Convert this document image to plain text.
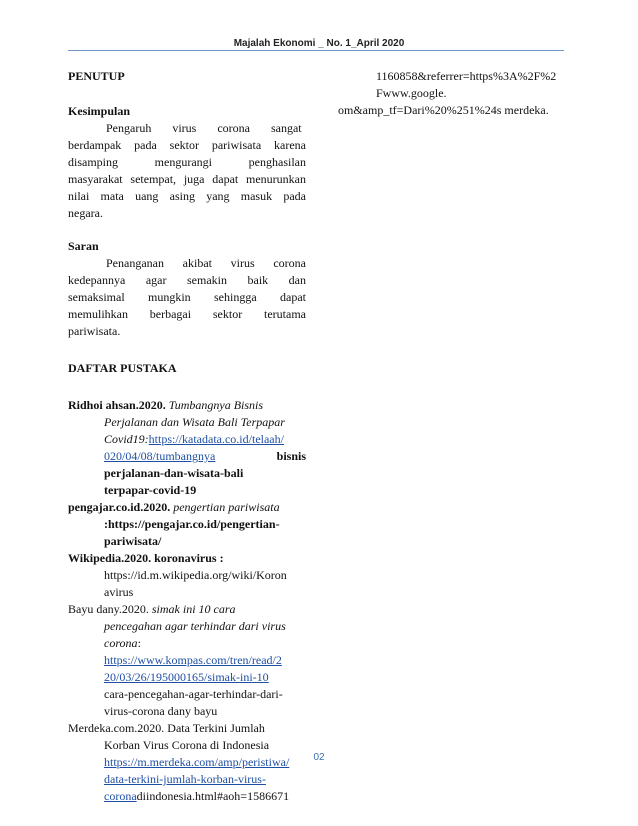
Majalah Ekonomi _ No. 1_April 2020
PENUTUP
Kesimpulan
Pengaruh virus corona sangat
berdampak pada sektor pariwisata karena
disamping mengurangi penghasilan
masyarakat setempat, juga dapat menurunkan
nilai mata uang asing yang masuk pada
negara.
Saran
Penanganan akibat virus corona
kedepannya agar semakin baik dan
semaksimal mungkin sehingga dapat
memulihkan berbagai sektor terutama
pariwisata.
DAFTAR PUSTAKA
Ridhoi ahsan.2020. Tumbangnya Bisnis
Perjalanan dan Wisata Bali Terpapar
Covid19:https://katadata.co.id/telaah/
020/04/08/tumbangnya	bisnis
perjalanan-dan-wisata-bali
terpapar-covid-19
pengajar.co.id.2020. pengertian pariwisata
:https://pengajar.co.id/pengertian-
pariwisata/
Wikipedia.2020. koronavirus :
https://id.m.wikipedia.org/wiki/Koron
avirus
Bayu dany.2020. simak ini 10 cara
pencegahan agar terhindar dari virus
corona:
https://www.kompas.com/tren/read/2
20/03/26/195000165/simak-ini-10
cara-pencegahan-agar-terhindar-dari-
virus-corona dany bayu
Merdeka.com.2020. Data Terkini Jumlah
Korban Virus Corona di Indonesia
https://m.merdeka.com/amp/peristiwa/
data-terkini-jumlah-korban-virus-
coronadiindonesia.html#aoh=1586671
1160858&referrer=https%3A%2F%2
Fwww.google.
om&amp_tf=Dari%20%251%24s merdeka.
02
